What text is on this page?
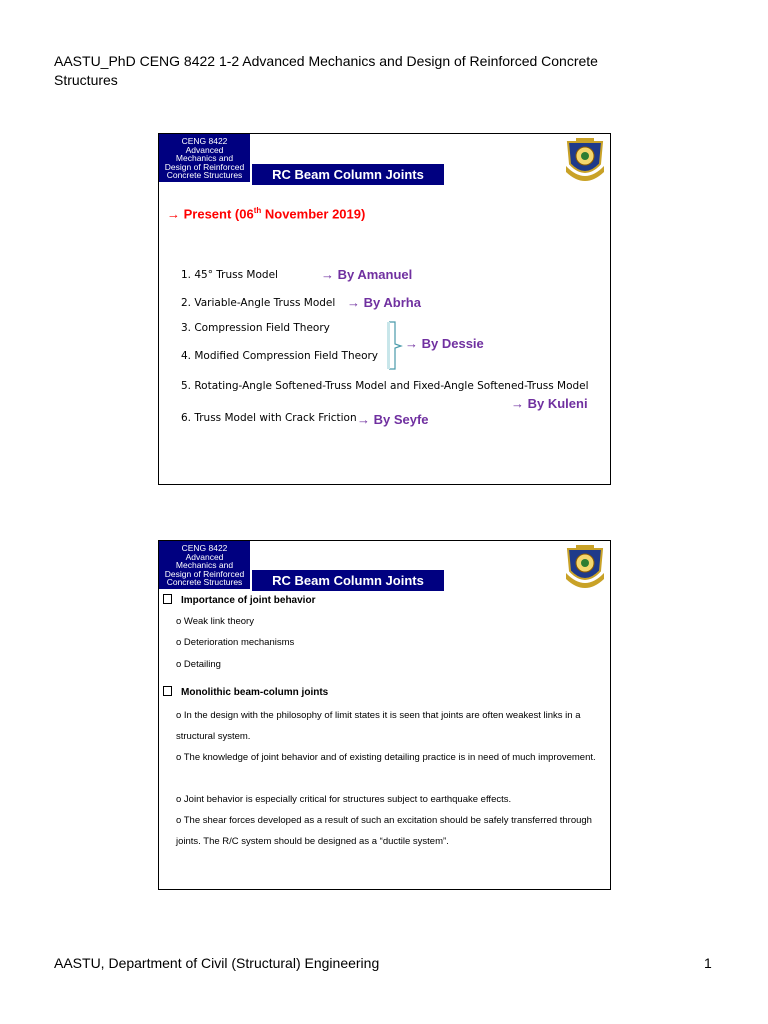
AASTU_PhD CENG 8422 1-2 Advanced Mechanics and Design of Reinforced Concrete Structures
CENG 8422
Advanced
Mechanics and
Design of Reinforced
Concrete Structures	RC Beam Column Joints
→ Present (06th November 2019)
1. 45° Truss Model	→ By Amanuel
2. Variable-Angle Truss Model → By Abrha
3. Compression Field Theory
4. Modified Compression Field Theory
→ By Dessie
5. Rotating-Angle Softened-Truss Model and Fixed-Angle Softened-Truss Model
→ By Kuleni
6. Truss Model with Crack Friction → By Seyfe
CENG 8422
Advanced
Mechanics and
Design of Reinforced
Concrete Structures	RC Beam Column Joints
Importance of joint behavior
o Weak link theory
o Deterioration mechanisms
o Detailing
Monolithic beam-column joints
o In the design with the philosophy of limit states it is seen that joints are often weakest links in a structural system.
o The knowledge of joint behavior and of existing detailing practice is in need of much improvement.
o Joint behavior is especially critical for structures subject to earthquake effects.
o The shear forces developed as a result of such an excitation should be safely transferred through joints. The R/C system should be designed as a “ductile system”.
AASTU, Department of Civil (Structural) Engineering	1
